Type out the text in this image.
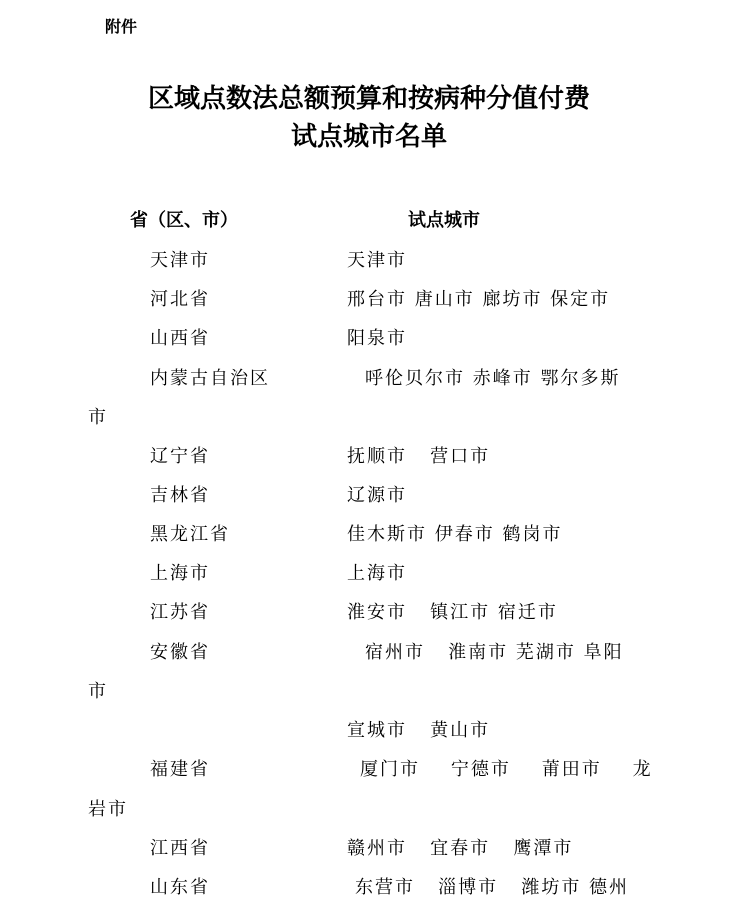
附件
区域点数法总额预算和按病种分值付费
试点城市名单
省（区、市）	试点城市
天津市	天津市
河北省	邢台市 唐山市 廊坊市 保定市
山西省	阳泉市
内蒙古自治区	呼伦贝尔市 赤峰市 鄂尔多斯
市
辽宁省	抚顺市   营口市
吉林省	辽源市
黑龙江省	佳木斯市 伊春市 鹤岗市
上海市	上海市
江苏省	淮安市   镇江市 宿迁市
安徽省	宿州市   淮南市 芜湖市 阜阳
市
宣城市   黄山市
福建省	厦门市    宁德市    莆田市    龙
岩市
江西省	赣州市   宜春市   鹰潭市
山东省	东营市   淄博市   潍坊市 德州
